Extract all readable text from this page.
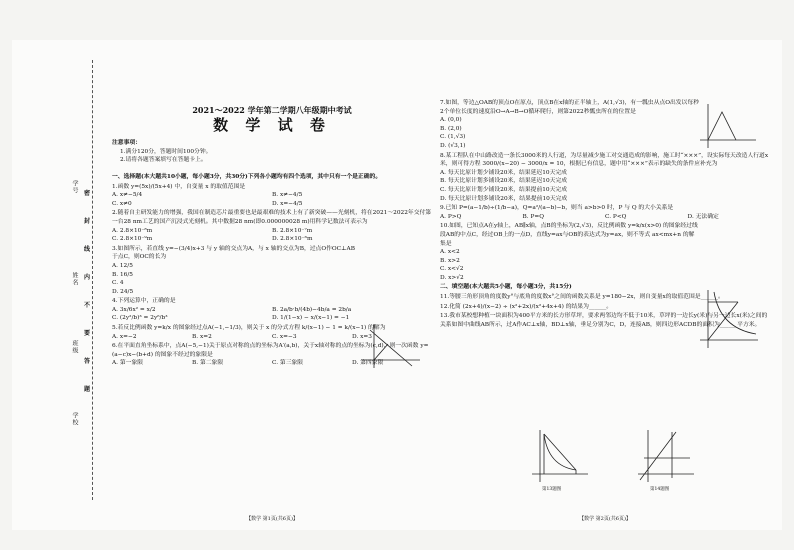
学号
姓名
班级
学校
密
封
线
内
不
要
答
题
2021～2022 学年第二学期八年级期中考试
数 学 试 卷
注意事项：
1.满分120分，答题时间100分钟。
2.请将各题答案填写在答题卡上。
一、选择题(本大题共10小题，每小题3分，共30分)下列各小题均有四个选项，其中只有一个是正确的。
1.函数 y=(5x)/(5x+4) 中，自变量 x 的取值范围是
A. x≠−5/4	B. x≠−4/5
C. x≠0	D. x=−4/5
2.随着自主研发能力的增强，我国在制造芯片最重要也是最艰难的技术上有了新突破——光刻机，将在2021～2022年交付第一台28 nm工艺的国产沉浸式光刻机。其中数据28 nm(即0.000000028 m)用科学记数法可表示为
A. 2.8×10⁻⁸m	B. 2.8×10⁻⁷m
C. 2.8×10⁻⁹m	D. 2.8×10⁻⁶m
3.如图所示，若直线 y=−(3/4)x+3 与 y 轴的交点为A，与 x 轴的交点为B，过点O作OC⊥AB 于点C，则OC的长为
A. 12/5
B. 16/5
C. 4
D. 24/5
4.下列运算中，正确的是
A. 3x/6x² = x/2	B. 2a/b·b/(4b)−4b/a = 2b/a
C. (2y²/b)³ = 2y⁶/b³	D. 1/(1−x) − x/(x−1) = −1
5.若反比例函数 y=k/x 的图象经过点A(−1,−1/3)，则关于 x 的分式方程 k/(x−1) − 1 = k/(x−1) 的解为
A. x=−2	B. x=2	C. x=−3	D. x=3
6.在平面直角坐标系中，点A(−5,−1)关于原点对称的点的坐标为A′(a,b)，关于x轴对称的点的坐标为(c,d)，则一次函数 y=(a−c)x−(b+d) 的图象不经过的象限是
A. 第一象限	B. 第二象限	C. 第三象限	D. 第四象限
【数学 第1页(共6页)】
7.如图，等边△OAB的顶点O在原点，顶点B在x轴的正半轴上，A(1,√3)，有一瓢虫从点O出发以每秒2个单位长度的速度沿O→A→B→O循环爬行，则第2022秒瓢虫所在的位置是
A. (0,0)
B. (2,0)
C. (1,√3)
D. (√3,1)
8.某工程队在中山路改造一条长3000米的人行道，为尽量减少施工对交通造成的影响，施工时“×××”，设实际每天改造人行道x米，则可得方程 3000/(x−20) − 3000/x = 10，根据已有信息，题中用“×××”表示的缺失的条件应补充为
A. 每天比原计划少铺设20米，结果延迟10天完成
B. 每天比原计划多铺设20米，结果延迟10天完成
C. 每天比原计划少铺设20米，结果提前10天完成
D. 每天比原计划多铺设20米，结果提前10天完成
9.已知 P=(a−1/b)÷(1/b−a)，Q=a²/(a−b)−b，则当 a>b>0 时，P 与 Q 的大小关系是
A. P>Q	B. P=Q	C. P<Q	D. 无法确定
10.如图，已知点A在y轴上，AB∥x轴，点B的坐标为(2,√3)，反比例函数 y=k/x(x>0) 的图象经过线段AB的中点C，经过OB上的一点D，直线y=ax与OB的表达式为y=ax，则不等式 ax<mx+n 的解集是
A. x<2
B. x>2
C. x<√2
D. x>√2
二、填空题(本大题共5小题，每小题3分，共15分)
11.等腰三角形顶角的度数y°与底角的度数x°之间的函数关系是 y=180−2x，则自变量x的取值范围是______。
12.化简 (2x+4)/(x−2) ÷ (x²+2x)/(x²+4x+4) 的结果为______。
13.我市某校想种植一块面积为400平方米的长方形草坪，要求两邻边均不低于10米，草坪的一边长y(米)与另一边长x(米)之间的关系如图中曲线AB所示，过A作AC⊥x轴，BD⊥x轴，垂足分别为C，D，连接AB，则四边形ACDB的面积为______平方米。
第13题图	第14题图
【数学 第2页(共6页)】
